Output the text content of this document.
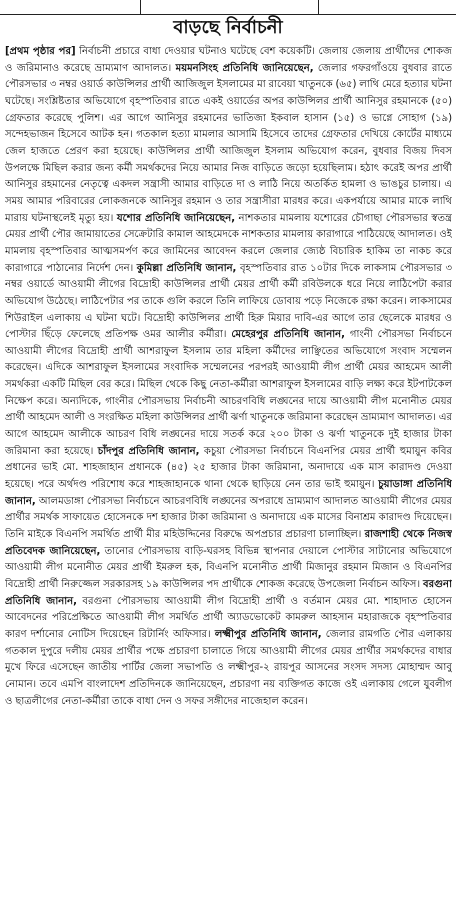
বাড়ছে নির্বাচনী

[প্রথম পৃষ্ঠার পর] নির্বাচনী প্রচারে বাধা দেওয়ার ঘটনাও ঘটেছে বেশ কয়েকটি। জেলায় জেলায় প্রার্থীদের শোকজ ও জরিমানাও করেছে ভ্রাম্যমাণ আদালত। ময়মনসিংহ প্রতিনিধি জানিয়েছেন, জেলার গফরগাঁওয়ে বুধবার রাতে পৌরসভার ৩ নম্বর ওয়ার্ড কাউন্সিলর প্রার্থী আজিজুল ইসলামের মা রাবেয়া খাতুনকে (৬৫) লাথি মেরে হত্যার ঘটনা ঘটেছে। সংশ্লিষ্টতার অভিযোগে বৃহস্পতিবার রাতে একই ওয়ার্ডের অপর কাউন্সিলর প্রার্থী আনিসুর রহমানকে (৫০) গ্রেফতার করেছে পুলিশ। এর আগে আনিসুর রহমানের ভাতিজা ইকবাল হাসান (১৫) ও ভাগ্নে সোহাগ (১৯) সন্দেহভাজন হিসেবে আটক হন। গতকাল হত্যা মামলার আসামি হিসেবে তাদের গ্রেফতার দেখিয়ে কোর্টের মাধ্যমে জেল হাজতে প্রেরণ করা হয়েছে। কাউন্সিলর প্রার্থী আজিজুল ইসলাম অভিযোগ করেন, বুধবার বিজয় দিবস উপলক্ষে মিছিল করার জন্য কর্মী সমর্থকদের নিয়ে আমার নিজ বাড়িতে জড়ো হয়েছিলাম। হঠাৎ করেই অপর প্রার্থী আনিসুর রহমানের নেতৃত্বে একদল সন্ত্রাসী আমার বাড়িতে দা ও লাঠি নিয়ে অতর্কিত হামলা ও ভাঙচুর চালায়। এ সময় আমার পরিবারের লোকজনকে আনিসুর রহমান ও তার সন্ত্রাসীরা মারধর করে। একপর্যায়ে আমার মাকে লাথি মারায় ঘটনাস্থলেই মৃত্যু হয়। যশোর প্রতিনিধি জানিয়েছেন, নাশকতার মামলায় যশোরের চৌগাছা পৌরসভার স্বতন্ত্র মেয়র প্রার্থী পৌর জামায়াতের সেক্রেটারি কামাল আহমেদকে নাশকতার মামলায় কারাগারে পাঠিয়েছে আদালত। ওই মামলায় বৃহস্পতিবার আত্মসমর্পণ করে জামিনের আবেদন করলে জেলার জ্যেষ্ঠ বিচারিক হাকিম তা নাকচ করে কারাগারে পাঠানোর নির্দেশ দেন। কুমিল্লা প্রতিনিধি জানান, বৃহস্পতিবার রাত ১০টার দিকে লাকসাম পৌরসভার ৩ নম্বর ওয়ার্ডে আওয়ামী লীগের বিদ্রোহী কাউন্সিলর প্রার্থী মেয়র প্রার্থী কর্মী রবিউলকে ধরে নিয়ে লাঠিপেটা করার অভিযোগ উঠেছে। লাঠিপেটার পর তাকে গুলি করলে তিনি লাফিয়ে ডোবায় পড়ে নিজেকে রক্ষা করেন। লাকসামের শিউরাইল এলাকায় এ ঘটনা ঘটে। বিদ্রোহী কাউন্সিলর প্রার্থী হিরু মিয়ার দাবি-এর আগে তার ছেলেকে মারধর ও পোস্টার ছিঁড়ে ফেলেছে প্রতিপক্ষ ওমর আলীর কর্মীরা। মেহেরপুর প্রতিনিধি জানান, গাংনী পৌরসভা নির্বাচনে আওয়ামী লীগের বিদ্রোহী প্রার্থী আশরাফুল ইসলাম তার মহিলা কর্মীদের লাঞ্ছিতের অভিযোগে সংবাদ সম্মেলন করেছেন। এদিকে আশরাফুল ইসলামের সংবাদিক সম্মেলনের পরপরই আওয়ামী লীগ প্রার্থী মেয়র আহমেদ আলী সমর্থকরা একটি মিছিল বের করে। মিছিল থেকে কিছু নেতা-কর্মীরা আশরাফুল ইসলামের বাড়ি লক্ষ্য করে ইটপাটকেল নিক্ষেপ করে। অন্যদিকে, গাংনীর পৌরসভায় নির্বাচনী আচরণবিধি লঙ্ঘনের দায়ে আওয়ামী লীগ মনোনীত মেয়র প্রার্থী আহমেদ আলী ও সংরক্ষিত মহিলা কাউন্সিলর প্রার্থী ঝর্ণা খাতুনকে জরিমানা করেছেন ভ্রাম্যমাণ আদালত। এর আগে আহমেদ আলীকে আচরণ বিধি লঙ্ঘনের দায়ে সতর্ক করে ২০০ টাকা ও ঝর্ণা খাতুনকে দুই হাজার টাকা জরিমানা করা হয়েছে। চাঁদপুর প্রতিনিধি জানান, কচুয়া পৌরসভা নির্বাচনে বিএনপির মেয়র প্রার্থী হুমায়ুন কবির প্রধানের ভাই মো. শাহজাহান প্রধানকে (৪৫) ২৫ হাজার টাকা জরিমানা, অনাদায়ে এক মাস কারাদণ্ড দেওয়া হয়েছে। পরে অর্থদণ্ড পরিশোধ করে শাহজাহানকে থানা থেকে ছাড়িয়ে নেন তার ভাই হুমায়ুন। চুয়াডাঙ্গা প্রতিনিধি জানান, আলমডাঙ্গা পৌরসভা নির্বাচনে আচরণবিধি লঙ্ঘনের অপরাধে ভ্রাম্যমাণ আদালত আওয়ামী লীগের মেয়র প্রার্থীর সমর্থক সাফায়েত হোসেনকে দশ হাজার টাকা জরিমানা ও অনাদায়ে এক মাসের বিনাশ্রম কারাদণ্ড দিয়েছেন। তিনি মাইকে বিএনপি সমর্থিত প্রার্থী মীর মহিউদ্দিনের বিরুদ্ধে অপপ্রচার প্রচারণা চালাচ্ছিল। রাজশাহী থেকে নিজস্ব প্রতিবেদক জানিয়েছেন, তানোর পৌরসভায় বাড়ি-ঘরসহ বিভিন্ন স্থাপনার দেয়ালে পোস্টার সাটানোর অভিযোগে আওয়ামী লীগ মনোনীত মেয়র প্রার্থী ইমরুল হক, বিএনপি মনোনীত প্রার্থী মিজানুর রহমান মিজান ও বিএনপির বিদ্রোহী প্রার্থী নিরুজ্জেল সরকারসহ ১৯ কাউন্সিলর পদ প্রার্থীকে শোকজ করেছে উপজেলা নির্বাচন অফিস। বরগুনা প্রতিনিধি জানান, বরগুনা পৌরসভায় আওয়ামী লীগ বিদ্রোহী প্রার্থী ও বর্তমান মেয়র মো. শাহাদাত হোসেন আবেদনের পরিপ্রেক্ষিতে আওয়ামী লীগ সমর্থিত প্রার্থী অ্যাডভোকেট কামরুল আহসান মহারাজকে বৃহস্পতিবার কারণ দর্শানোর নোটিস দিয়েছেন রিটার্নিং অফিসার। লক্ষ্মীপুর প্রতিনিধি জানান, জেলার রামগতি পৌর এলাকায় গতকাল দুপুরে দলীয় মেয়র প্রার্থীর পক্ষে প্রচারণা চালাতে গিয়ে আওয়ামী লীগের মেয়র প্রার্থীর সমর্থকদের বাধার মুখে ফিরে এসেছেন জাতীয় পার্টির জেলা সভাপতি ও লক্ষ্মীপুর-২ রায়পুর আসনের সংসদ সদস্য মোহাম্মদ আবু নোমান। তবে এমপি বাংলাদেশ প্রতিদিনকে জানিয়েছেন, প্রচারণা নয় ব্যক্তিগত কাজে ওই এলাকায় গেলে যুবলীগ ও ছাত্রলীগের নেতা-কর্মীরা তাকে বাধা দেন ও সফর সঙ্গীদের নাজেহাল করেন।
